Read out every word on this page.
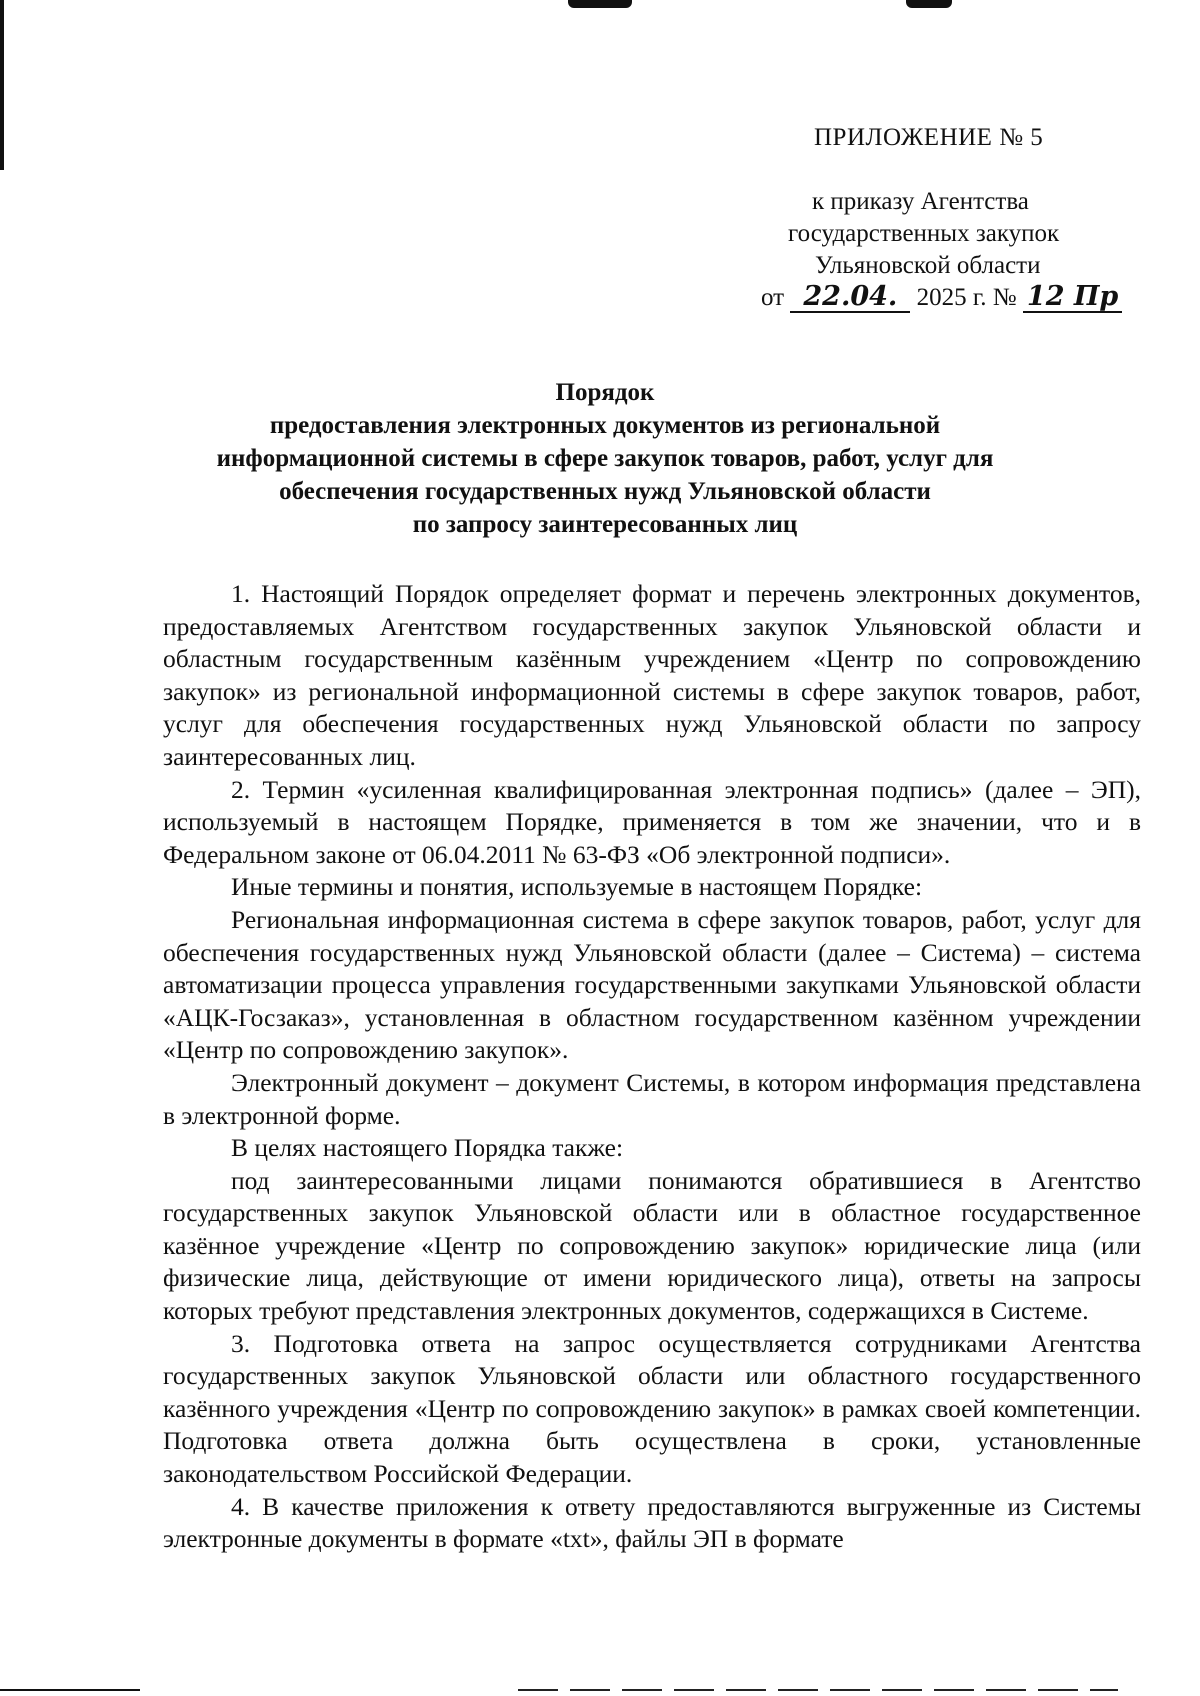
ПРИЛОЖЕНИЕ № 5
к приказу Агентства
государственных закупок
Ульяновской области
от 22.04. 2025 г. № 12 Пр
Порядок
предоставления электронных документов из региональной
информационной системы в сфере закупок товаров, работ, услуг для
обеспечения государственных нужд Ульяновской области
по запросу заинтересованных лиц

1. Настоящий Порядок определяет формат и перечень электронных документов, предоставляемых Агентством государственных закупок Ульяновской области и областным государственным казённым учреждением «Центр по сопровождению закупок» из региональной информационной системы в сфере закупок товаров, работ, услуг для обеспечения государственных нужд Ульяновской области по запросу заинтересованных лиц.

2. Термин «усиленная квалифицированная электронная подпись» (далее – ЭП), используемый в настоящем Порядке, применяется в том же значении, что и в Федеральном законе от 06.04.2011 № 63-ФЗ «Об электронной подписи».

Иные термины и понятия, используемые в настоящем Порядке:

Региональная информационная система в сфере закупок товаров, работ, услуг для обеспечения государственных нужд Ульяновской области (далее – Система) – система автоматизации процесса управления государственными закупками Ульяновской области «АЦК-Госзаказ», установленная в областном государственном казённом учреждении «Центр по сопровождению закупок».

Электронный документ – документ Системы, в котором информация представлена в электронной форме.

В целях настоящего Порядка также:

под заинтересованными лицами понимаются обратившиеся в Агентство государственных закупок Ульяновской области или в областное государственное казённое учреждение «Центр по сопровождению закупок» юридические лица (или физические лица, действующие от имени юридического лица), ответы на запросы которых требуют представления электронных документов, содержащихся в Системе.

3. Подготовка ответа на запрос осуществляется сотрудниками Агентства государственных закупок Ульяновской области или областного государственного казённого учреждения «Центр по сопровождению закупок» в рамках своей компетенции. Подготовка ответа должна быть осуществлена в сроки, установленные законодательством Российской Федерации.

4. В качестве приложения к ответу предоставляются выгруженные из Системы электронные документы в формате «txt», файлы ЭП в формате
